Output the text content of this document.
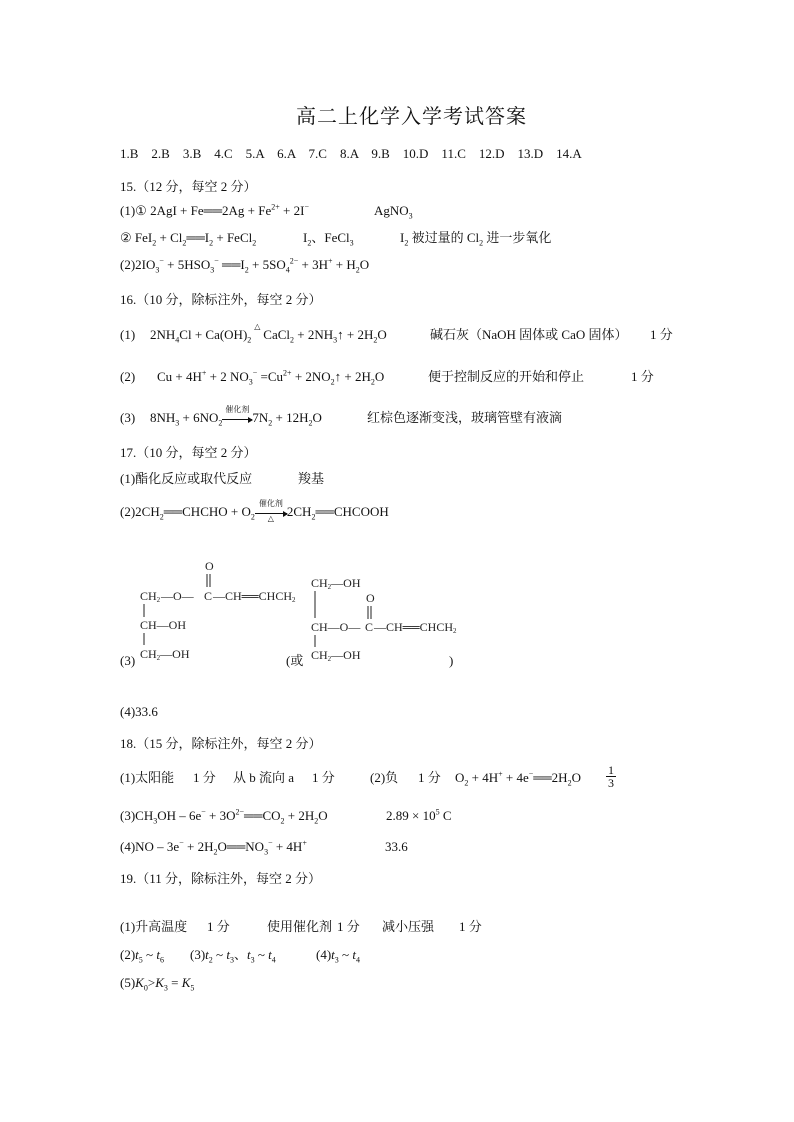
高二上化学入学考试答案
1.B　2.B　3.B　4.C　5.A　6.A　7.C　8.A　9.B　10.D　11.C　12.D　13.D　14.A
15.（12 分，每空 2 分）
(1)① 2AgI + Fe══2Ag + $Fe^{2+} + 2I^-$	AgNO$_3$
② $FeI_2 + Cl_2══I_2$ + FeCl$_2$	$I_2$、FeCl$_3$	$I_2$ 被过量的 $Cl_2$ 进一步氧化
$(2)2IO_3^- + 5HSO_3^-$ $══I_2 + 5SO_4^{2-} + 3H^+ + H_2O$
16.（10 分，除标注外，每空 2 分）
(1) $2NH_4Cl + Ca(OH)_2$
△
CaCl$_2$ + $2NH_3↑ + 2H_2O$	碱石灰（NaOH 固体或 CaO 固体） 1 分
(2) Cu + 4H+ + 2 $NO_3^- =Cu^{2+}$ + $2NO_2↑ + 2H_2O$	便于控制反应的开始和停止	1 分
(3) $8NH_3 + 6NO_2$
催化剂
$7N_2 + 12H_2O$	红棕色逐渐变浅，玻璃管壁有液滴
17.（10 分，每空 2 分）
(1)酯化反应或取代反应	羧基
$(2)2CH_2══CHCHO + O_2$
催化剂
△ $2CH_2══CHCOOH$
(3)
O
CH2 —O— C —CH══CHCH2
CH—OH
CH2—OH
CH2—OH
O
CH—O— C —CH══CHCH2
CH2—OH
(或	)
(4)33.6
18.（15 分，除标注外，每空 2 分）
(1)太阳能 1 分 从 b 流向 a 1 分	(2)负 1 分 $O_2 + 4H^+$ + $4e^-══2H_2O \frac{1}{3}$
$(3)CH_3OH - 6e^-$ + $3O^{2-}══CO_2 + 2H_2O$	$2.89 \times 10^5$ C
$(4)NO - 3e^- + 2H_2O══NO_3^- + 4H^+$	33.6
19.（11 分，除标注外，每空 2 分）
(1)升高温度 1 分	使用催化剂 1 分 减小压强 1 分
$(2)t_5$ ~ $t_6$ $(3)t_2$ ~ $t_3$、$t_3$ ~ $t_4$	$(4)t_3$ ~ $t_4$
$(5)K_0>K_3 = K_5$
